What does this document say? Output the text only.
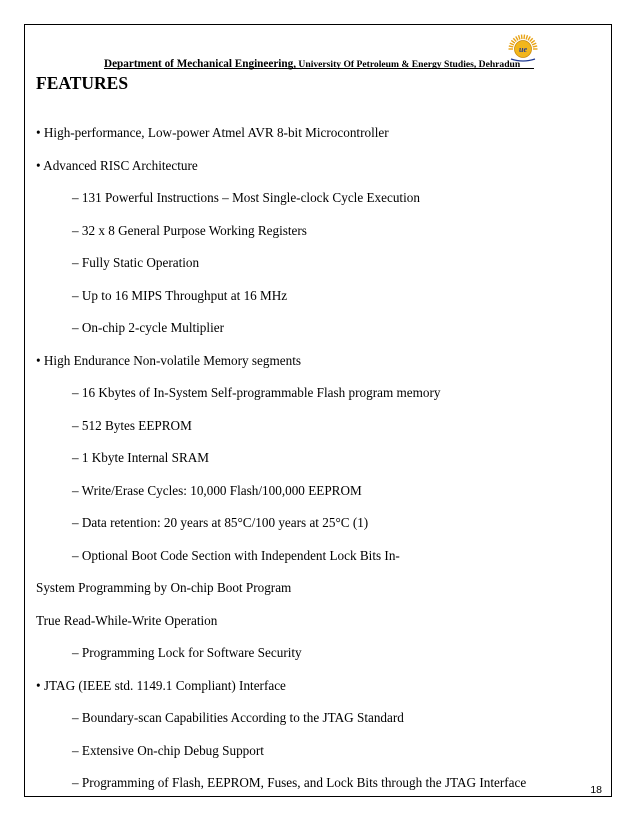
Department of Mechanical Engineering, University Of Petroleum & Energy Studies, Dehradun
ue
FEATURES
• High-performance, Low-power Atmel AVR 8-bit Microcontroller
• Advanced RISC Architecture
– 131 Powerful Instructions – Most Single-clock Cycle Execution
– 32 x 8 General Purpose Working Registers
– Fully Static Operation
– Up to 16 MIPS Throughput at 16 MHz
– On-chip 2-cycle Multiplier
• High Endurance Non-volatile Memory segments
– 16 Kbytes of In-System Self-programmable Flash program memory
– 512 Bytes EEPROM
– 1 Kbyte Internal SRAM
– Write/Erase Cycles: 10,000 Flash/100,000 EEPROM
– Data retention: 20 years at 85°C/100 years at 25°C (1)
– Optional Boot Code Section with Independent Lock Bits In-
System Programming by On-chip Boot Program
True Read-While-Write Operation
– Programming Lock for Software Security
• JTAG (IEEE std. 1149.1 Compliant) Interface
– Boundary-scan Capabilities According to the JTAG Standard
– Extensive On-chip Debug Support
– Programming of Flash, EEPROM, Fuses, and Lock Bits through the JTAG Interface	18
